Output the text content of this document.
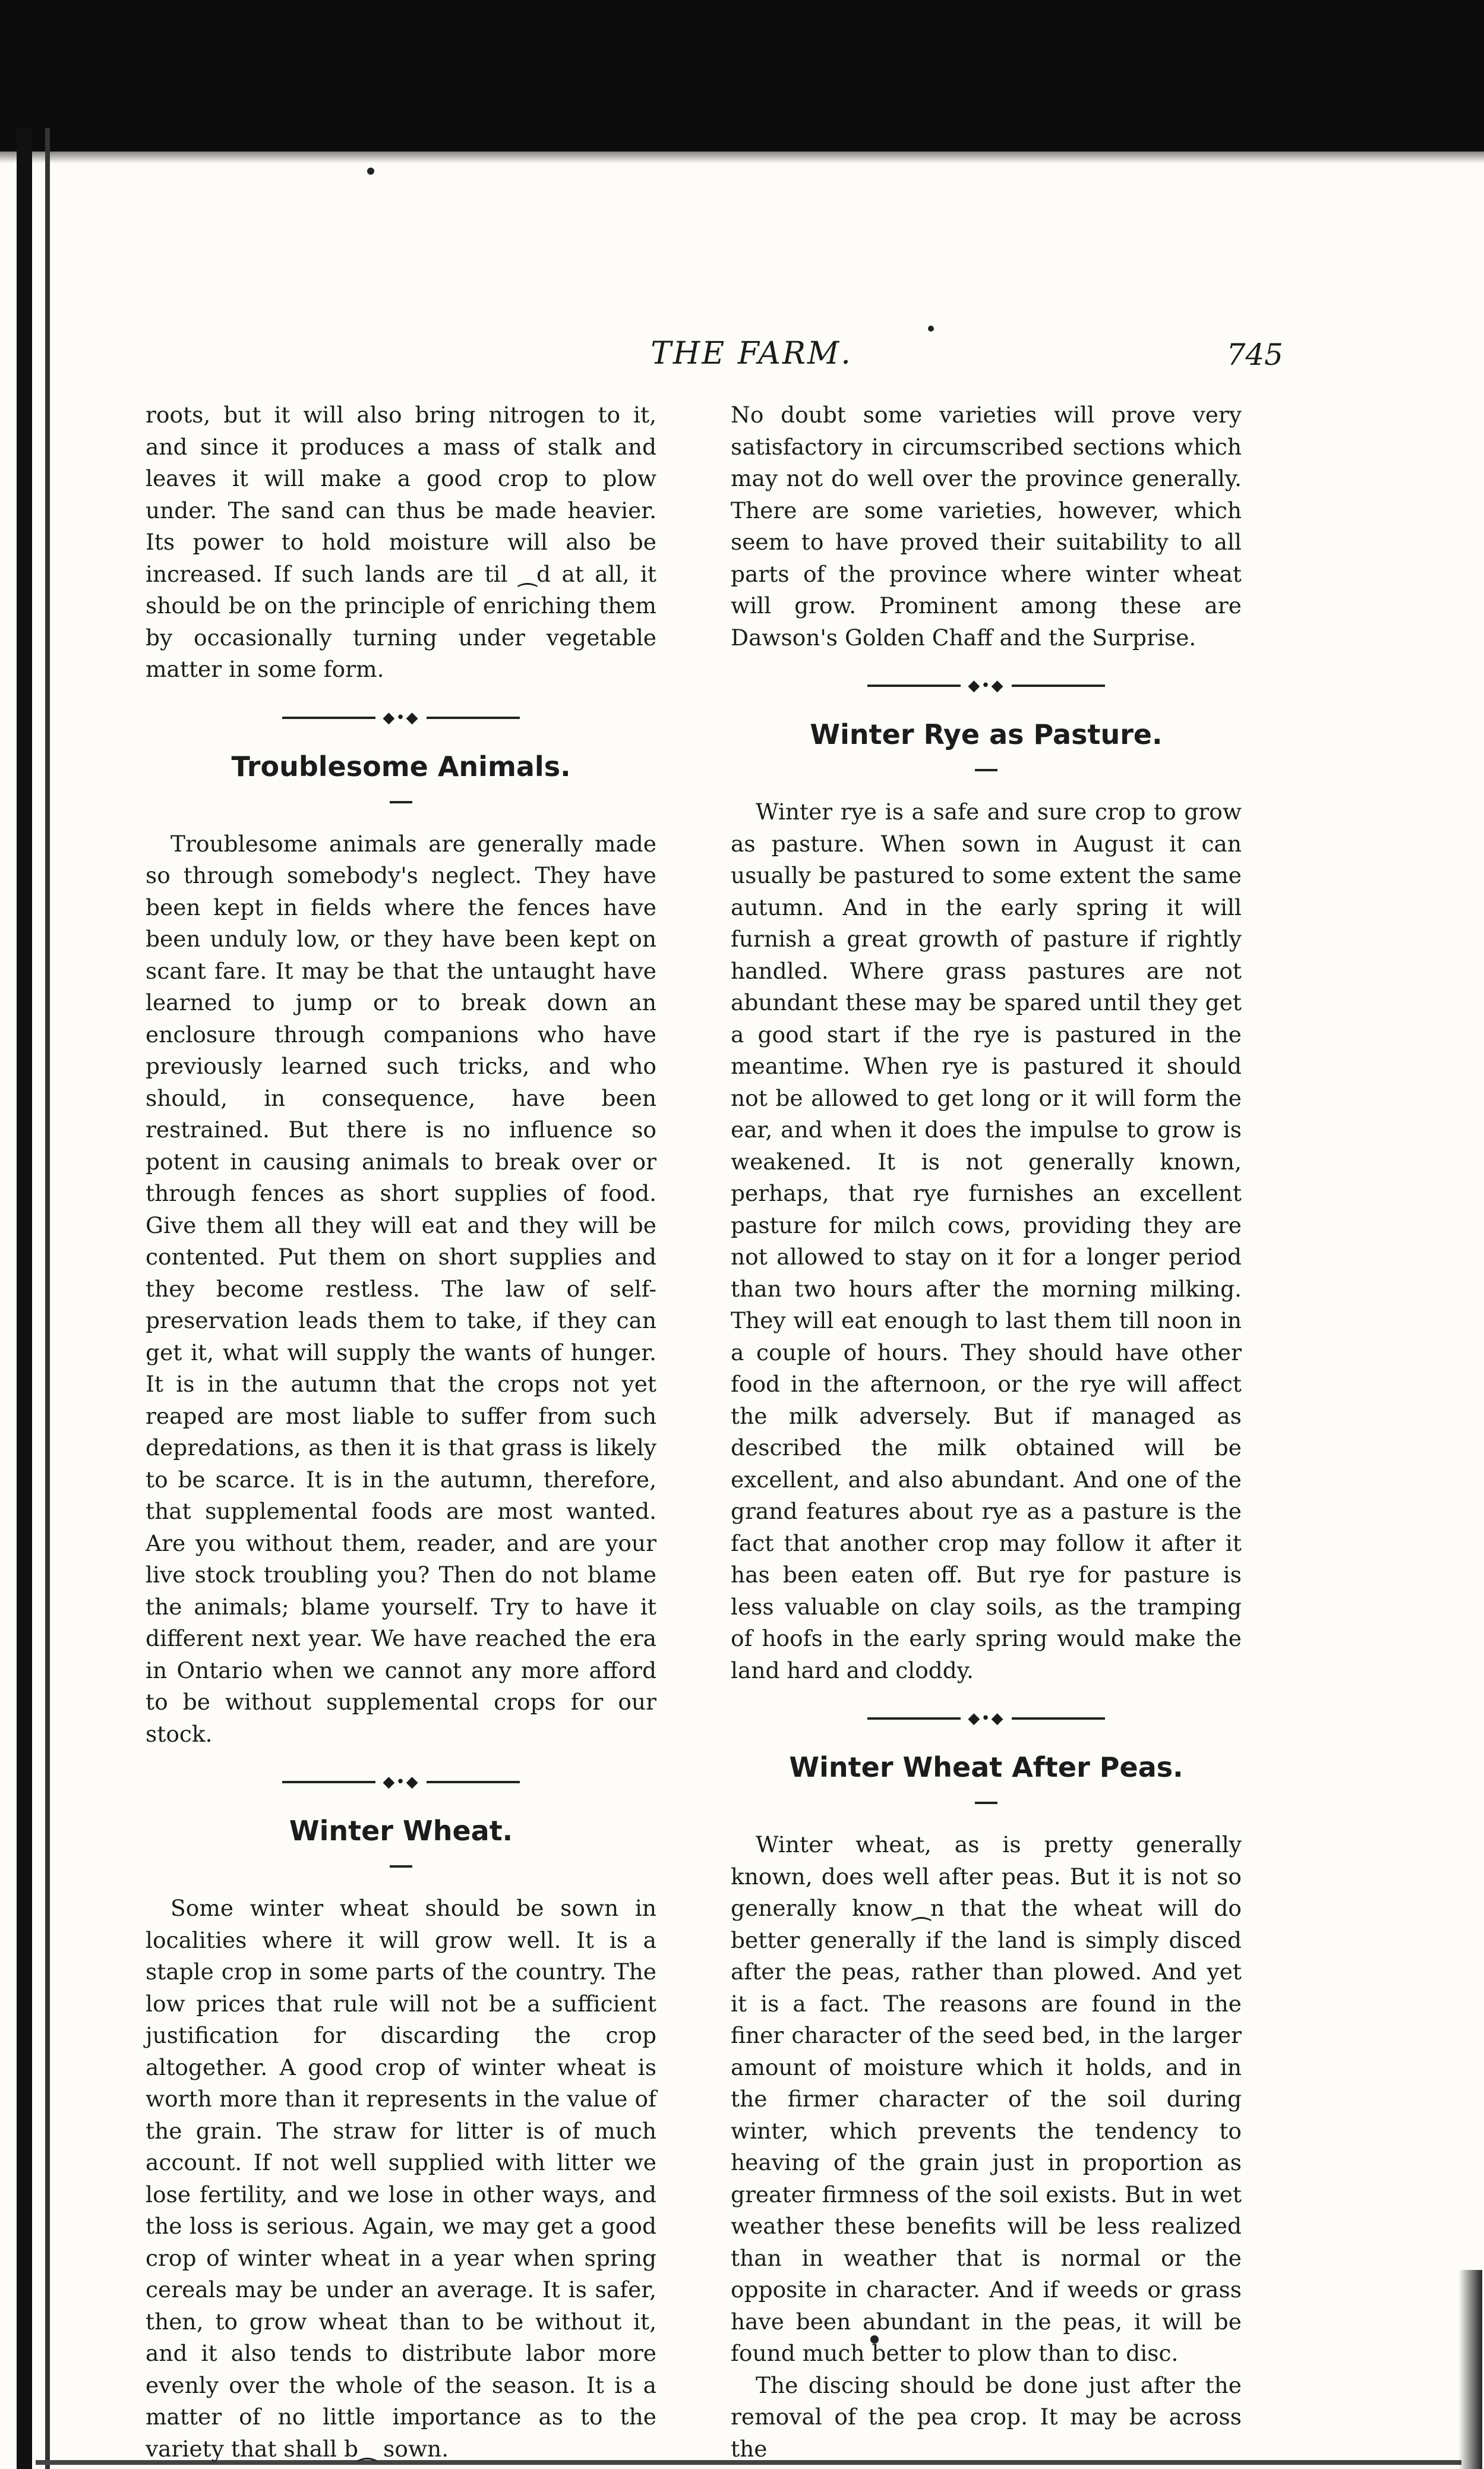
THE FARM.	745

roots, but it will also bring nitrogen to it, and since it produces a mass of stalk and leaves it will make a good crop to plow under. The sand can thus be made heavier. Its power to hold moisture will also be increased. If such lands are til ⁔d at all, it should be on the principle of enriching them by occasionally turning under vegetable matter in some form.

◆•◆
Troublesome Animals.

Troublesome animals are generally made so through somebody's neglect. They have been kept in fields where the fences have been unduly low, or they have been kept on scant fare. It may be that the untaught have learned to jump or to break down an enclosure through companions who have previously learned such tricks, and who should, in consequence, have been restrained. But there is no influence so potent in causing animals to break over or through fences as short supplies of food. Give them all they will eat and they will be contented. Put them on short supplies and they become restless. The law of self-preservation leads them to take, if they can get it, what will supply the wants of hunger. It is in the autumn that the crops not yet reaped are most liable to suffer from such depredations, as then it is that grass is likely to be scarce. It is in the autumn, therefore, that supplemental foods are most wanted. Are you without them, reader, and are your live stock troubling you? Then do not blame the animals; blame yourself. Try to have it different next year. We have reached the era in Ontario when we cannot any more afford to be without supplemental crops for our stock.

◆•◆
Winter Wheat.

Some winter wheat should be sown in localities where it will grow well. It is a staple crop in some parts of the country. The low prices that rule will not be a sufficient justification for discarding the crop altogether. A good crop of winter wheat is worth more than it represents in the value of the grain. The straw for litter is of much account. If not well supplied with litter we lose fertility, and we lose in other ways, and the loss is serious. Again, we may get a good crop of winter wheat in a year when spring cereals may be under an average. It is safer, then, to grow wheat than to be without it, and it also tends to distribute labor more evenly over the whole of the season. It is a matter of no little importance as to the variety that shall b⁔ sown.

No doubt some varieties will prove very satisfactory in circumscribed sections which may not do well over the province generally. There are some varieties, however, which seem to have proved their suitability to all parts of the province where winter wheat will grow. Prominent among these are Dawson's Golden Chaff and the Surprise.

◆•◆
Winter Rye as Pasture.

Winter rye is a safe and sure crop to grow as pasture. When sown in August it can usually be pastured to some extent the same autumn. And in the early spring it will furnish a great growth of pasture if rightly handled. Where grass pastures are not abundant these may be spared until they get a good start if the rye is pastured in the meantime. When rye is pastured it should not be allowed to get long or it will form the ear, and when it does the impulse to grow is weakened. It is not generally known, perhaps, that rye furnishes an excellent pasture for milch cows, providing they are not allowed to stay on it for a longer period than two hours after the morning milking. They will eat enough to last them till noon in a couple of hours. They should have other food in the afternoon, or the rye will affect the milk adversely. But if managed as described the milk obtained will be excellent, and also abundant. And one of the grand features about rye as a pasture is the fact that another crop may follow it after it has been eaten off. But rye for pasture is less valuable on clay soils, as the tramping of hoofs in the early spring would make the land hard and cloddy.

◆•◆
Winter Wheat After Peas.

Winter wheat, as is pretty generally known, does well after peas. But it is not so generally know⁔n that the wheat will do better generally if the land is simply disced after the peas, rather than plowed. And yet it is a fact. The reasons are found in the finer character of the seed bed, in the larger amount of moisture which it holds, and in the firmer character of the soil during winter, which prevents the tendency to heaving of the grain just in proportion as greater firmness of the soil exists. But in wet weather these benefits will be less realized than in weather that is normal or the opposite in character. And if weeds or grass have been abundant in the peas, it will be found much better to plow than to disc.

The discing should be done just after the removal of the pea crop. It may be across the
